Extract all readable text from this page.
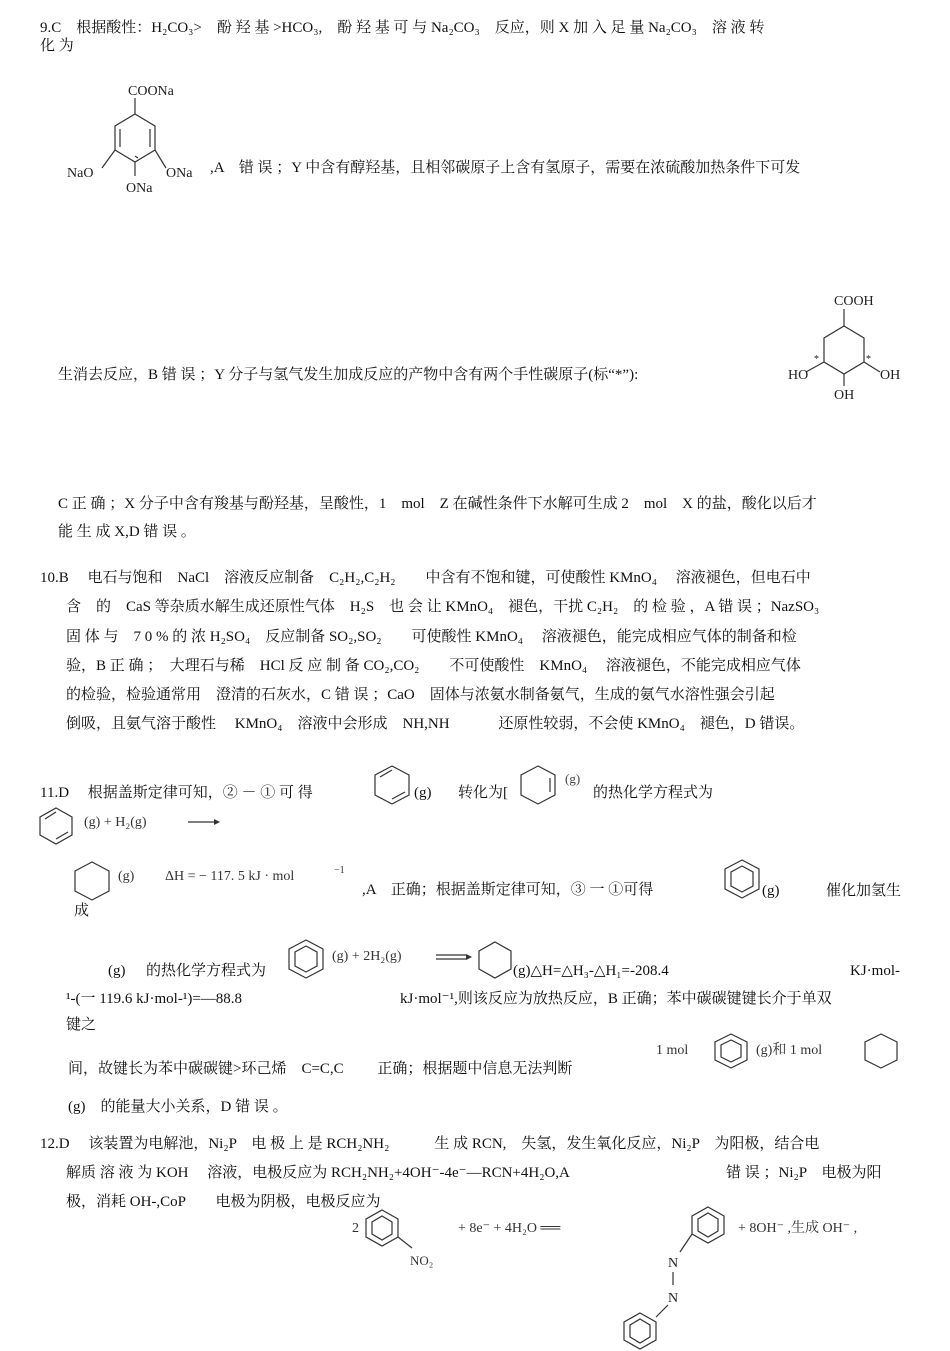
9.C　根据酸性：H₂CO₃>　酚 羟 基 >HCO₃,　酚 羟 基 可 与 Na₂CO₃　反应，则 X 加 入 足 量 Na₂CO₃　溶 液 转
化 为
COONa
NaO	ONa
ONa
,A　错 误 ；Y 中含有醇羟基，且相邻碳原子上含有氢原子，需要在浓硫酸加热条件下可发
生消去反应，B 错 误 ；Y 分子与氢气发生加成反应的产物中含有两个手性碳原子(标“*”):
COOH
*	*
HO	OH
OH
C 正 确 ；X 分子中含有羧基与酚羟基，呈酸性，1　mol　Z 在碱性条件下水解可生成 2　mol　X 的盐，酸化以后才
能 生 成 X,D 错 误 。
10.B　 电石与饱和　NaCl　溶液反应制备　C₂H₂,C₂H₂　　中含有不饱和键，可使酸性 KMnO₄　 溶液褪色，但电石中
含　的　CaS 等杂质水解生成还原性气体　H₂S　也 会 让 KMnO₄　褪色，干扰 C₂H₂　的 检 验 ，A 错 误 ；NazSO₃
固 体 与　7 0 % 的 浓 H₂SO₄　反应制备 SO₂,SO₂　　可使酸性 KMnO₄　 溶液褪色，能完成相应气体的制备和检
验，B 正 确 ；　大理石与稀　HCl 反 应 制 备 CO₂,CO₂　　不可使酸性　KMnO₄　 溶液褪色，不能完成相应气体
的检验，检验通常用　澄清的石灰水，C 错 误 ；CaO　固体与浓氨水制备氨气，生成的氨气水溶性强会引起
倒吸，且氨气溶于酸性　 KMnO₄　溶液中会形成　NH,NH　　　 还原性较弱，不会使 KMnO₄　褪色，D 错误。
11.D　 根据盖斯定律可知，② － ① 可 得	(g) 转化为[
(g)
的热化学方程式为
(g) + H₂(g)
(g) ΔH = − 117. 5 kJ · mol	−1
,A　正确；根据盖斯定律可知，③ 一 ①可得	(g)	催化加氢生
成
(g) 的热化学方程式为
(g) + 2H₂(g)
(g)△H=△H₃-△H₁=-208.4	KJ·mol-
¹-(一 119.6 kJ·mol-¹)=—88.8	kJ·mol⁻¹,则该反应为放热反应，B 正确；苯中碳碳键键长介于单双
键之
间，故键长为苯中碳碳键>环己烯　C=C,C　　 正确；根据题中信息无法判断
1 mol	(g)和 1 mol
(g)　的能量大小关系，D 错 误 。
12.D　 该装置为电解池，Ni₂P　电 极 上 是 RCH₂NH₂　　　生 成 RCN,　失氢，发生氧化反应，Ni₂P　为阳极，结合电
解质 溶 液 为 KOH　 溶液，电极反应为 RCH₂NH₂+4OH⁻-4e⁻—RCN+4H₂O,A	错 误 ；Ni₂P　电极为阳
极，消耗 OH-,CoP　　电极为阴极，电极反应为
2
NO₂
+ 8e⁻ + 4H₂O ══
N
N
+ 8OH⁻ ,生成 OH⁻ ,
